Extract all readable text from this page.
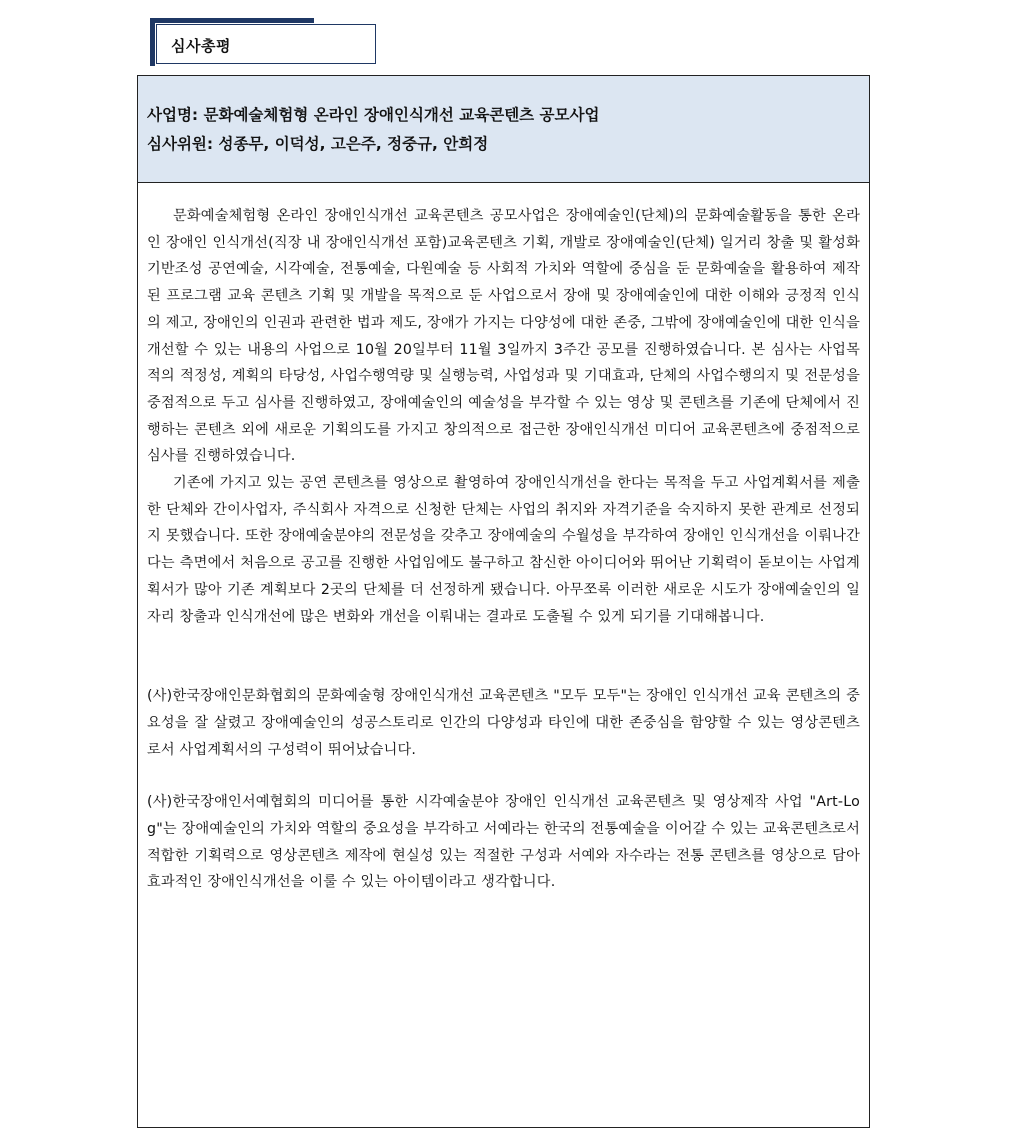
심사총평
사업명: 문화예술체험형 온라인 장애인식개선 교육콘텐츠 공모사업
심사위원: 성종무, 이덕성, 고은주, 정중규, 안희정

문화예술체험형 온라인 장애인식개선 교육콘텐츠 공모사업은 장애예술인(단체)의 문화예술활동을 통한 온라인 장애인 인식개선(직장 내 장애인식개선 포함)교육콘텐츠 기획, 개발로 장애예술인(단체) 일거리 창출 및 활성화 기반조성 공연예술, 시각예술, 전통예술, 다원예술 등 사회적 가치와 역할에 중심을 둔 문화예술을 활용하여 제작된 프로그램 교육 콘텐츠 기획 및 개발을 목적으로 둔 사업으로서 장애 및 장애예술인에 대한 이해와 긍정적 인식의 제고, 장애인의 인권과 관련한 법과 제도, 장애가 가지는 다양성에 대한 존중, 그밖에 장애예술인에 대한 인식을 개선할 수 있는 내용의 사업으로 10월 20일부터 11월 3일까지 3주간 공모를 진행하였습니다. 본 심사는 사업목적의 적정성, 계획의 타당성, 사업수행역량 및 실행능력, 사업성과 및 기대효과, 단체의 사업수행의지 및 전문성을 중점적으로 두고 심사를 진행하였고, 장애예술인의 예술성을 부각할 수 있는 영상 및 콘텐츠를 기존에 단체에서 진행하는 콘텐츠 외에 새로운 기획의도를 가지고 창의적으로 접근한 장애인식개선 미디어 교육콘텐츠에 중점적으로 심사를 진행하였습니다.

기존에 가지고 있는 공연 콘텐츠를 영상으로 촬영하여 장애인식개선을 한다는 목적을 두고 사업계획서를 제출한 단체와 간이사업자, 주식회사 자격으로 신청한 단체는 사업의 취지와 자격기준을 숙지하지 못한 관계로 선정되지 못했습니다. 또한 장애예술분야의 전문성을 갖추고 장애예술의 수월성을 부각하여 장애인 인식개선을 이뤄나간다는 측면에서 처음으로 공고를 진행한 사업임에도 불구하고 참신한 아이디어와 뛰어난 기획력이 돋보이는 사업계획서가 많아 기존 계획보다 2곳의 단체를 더 선정하게 됐습니다. 아무쪼록 이러한 새로운 시도가 장애예술인의 일자리 창출과 인식개선에 많은 변화와 개선을 이뤄내는 결과로 도출될 수 있게 되기를 기대해봅니다.

(사)한국장애인문화협회의 문화예술형 장애인식개선 교육콘텐츠 "모두 모두"는 장애인 인식개선 교육 콘텐츠의 중요성을 잘 살렸고 장애예술인의 성공스토리로 인간의 다양성과 타인에 대한 존중심을 함양할 수 있는 영상콘텐츠로서 사업계획서의 구성력이 뛰어났습니다.

(사)한국장애인서예협회의 미디어를 통한 시각예술분야 장애인 인식개선 교육콘텐츠 및 영상제작 사업 "Art-Log"는 장애예술인의 가치와 역할의 중요성을 부각하고 서예라는 한국의 전통예술을 이어갈 수 있는 교육콘텐츠로서 적합한 기획력으로 영상콘텐츠 제작에 현실성 있는 적절한 구성과 서예와 자수라는 전통 콘텐츠를 영상으로 담아 효과적인 장애인식개선을 이룰 수 있는 아이템이라고 생각합니다.
